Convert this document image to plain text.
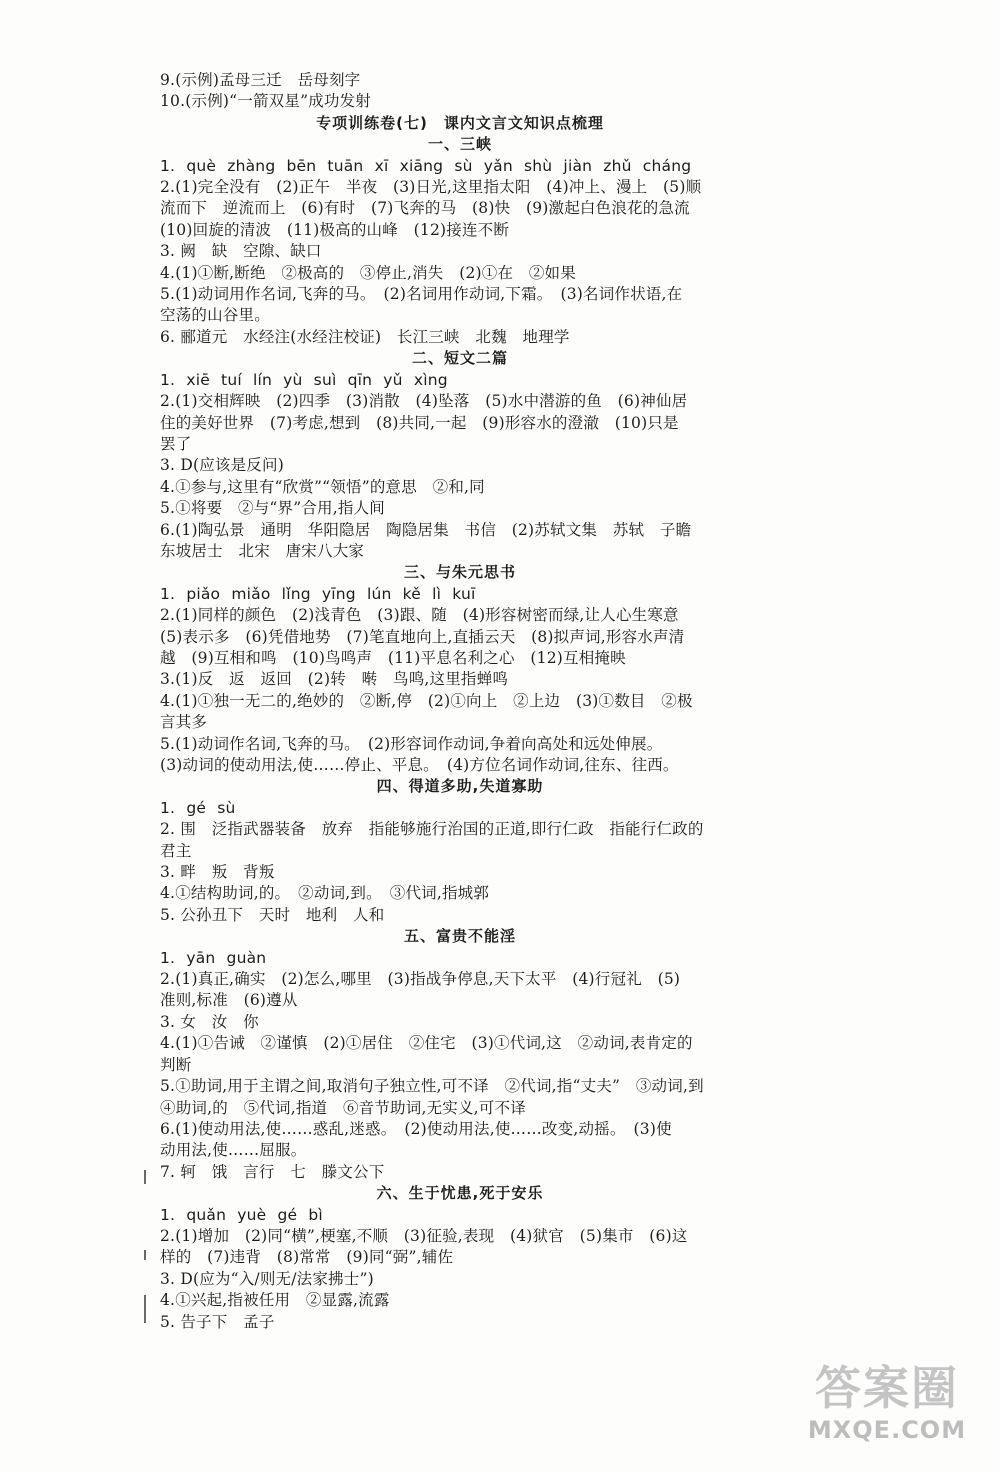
9.(示例)孟母三迁　岳母刻字
10.(示例)“一箭双星”成功发射
专项训练卷(七)　课内文言文知识点梳理
一、三峡
1. què zhàng bēn tuān xī xiāng sù yǎn shù jiàn zhǔ cháng
2.(1)完全没有　(2)正午　半夜　(3)日光,这里指太阳　(4)冲上、漫上　(5)顺
流而下　逆流而上　(6)有时　(7)飞奔的马　(8)快　(9)激起白色浪花的急流
(10)回旋的清波　(11)极高的山峰　(12)接连不断
3. 阙　缺　空隙、缺口
4.(1)①断,断绝　②极高的　③停止,消失　(2)①在　②如果
5.(1)动词用作名词,飞奔的马。　(2)名词用作动词,下霜。　(3)名词作状语,在
空荡的山谷里。
6. 郦道元　水经注(水经注校证)　长江三峡　北魏　地理学
二、短文二篇
1. xiē tuí lín yù suì qīn yǔ xìng
2.(1)交相辉映　(2)四季　(3)消散　(4)坠落　(5)水中潜游的鱼　(6)神仙居
住的美好世界　(7)考虑,想到　(8)共同,一起　(9)形容水的澄澈　(10)只是
罢了
3. D(应该是反问)
4.①参与,这里有“欣赏”“领悟”的意思　②和,同
5.①将要　②与“界”合用,指人间
6.(1)陶弘景　通明　华阳隐居　陶隐居集　书信　(2)苏轼文集　苏轼　子瞻
东坡居士　北宋　唐宋八大家
三、与朱元思书
1. piǎo miǎo lǐng yīng lún kě lì kuī
2.(1)同样的颜色　(2)浅青色　(3)跟、随　(4)形容树密而绿,让人心生寒意
(5)表示多　(6)凭借地势　(7)笔直地向上,直插云天　(8)拟声词,形容水声清
越　(9)互相和鸣　(10)鸟鸣声　(11)平息名利之心　(12)互相掩映
3.(1)反　返　返回　(2)转　啭　鸟鸣,这里指蝉鸣
4.(1)①独一无二的,绝妙的　②断,停　(2)①向上　②上边　(3)①数目　②极
言其多
5.(1)动词作名词,飞奔的马。　(2)形容词作动词,争着向高处和远处伸展。
(3)动词的使动用法,使……停止、平息。　(4)方位名词作动词,往东、往西。
四、得道多助,失道寡助
1. gé sù
2. 围　泛指武器装备　放弃　指能够施行治国的正道,即行仁政　指能行仁政的
君主
3. 畔　叛　背叛
4.①结构助词,的。　②动词,到。　③代词,指城郭
5. 公孙丑下　天时　地利　人和
五、富贵不能淫
1. yān guàn
2.(1)真正,确实　(2)怎么,哪里　(3)指战争停息,天下太平　(4)行冠礼　(5)
准则,标准　(6)遵从
3. 女　汝　你
4.(1)①告诫　②谨慎　(2)①居住　②住宅　(3)①代词,这　②动词,表肯定的
判断
5.①助词,用于主谓之间,取消句子独立性,可不译　②代词,指“丈夫”　③动词,到
④助词,的　⑤代词,指道　⑥音节助词,无实义,可不译
6.(1)使动用法,使……惑乱,迷惑。　(2)使动用法,使……改变,动摇。　(3)使
动用法,使……屈服。
7. 轲　饿　言行　七　滕文公下
六、生于忧患,死于安乐
1. quǎn yuè gé bì
2.(1)增加　(2)同“横”,梗塞,不顺　(3)征验,表现　(4)狱官　(5)集市　(6)这
样的　(7)违背　(8)常常　(9)同“弼”,辅佐
3. D(应为“入/则无/法家拂士”)
4.①兴起,指被任用　②显露,流露
5. 告子下　孟子
答案圈
MXQE.COM
